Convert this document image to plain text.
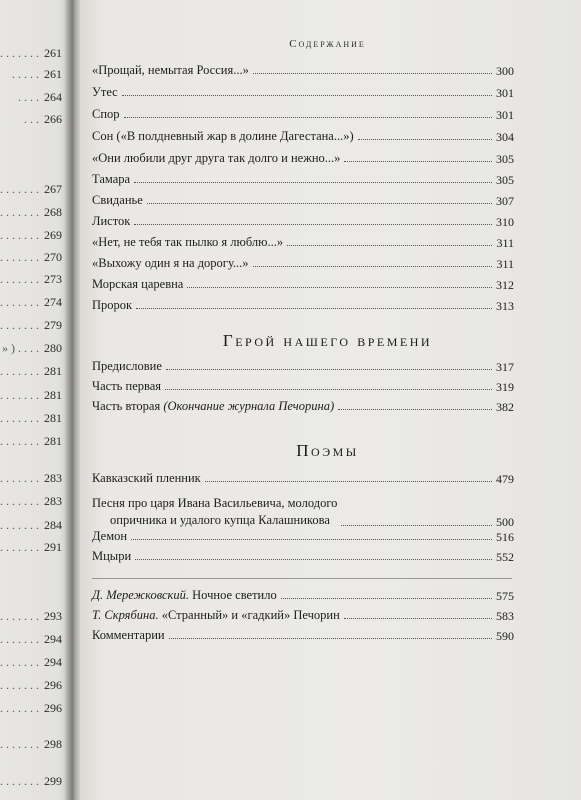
....... 261
..... 261
.... 264
... 266
....... 267
....... 268
....... 269
....... 270
....... 273
....... 274
....... 279
»).... 280
....... 281
....... 281
....... 281
....... 281
....... 283
....... 283
....... 284
....... 291
....... 293
....... 294
....... 294
....... 296
....... 296
....... 298
....... 299
Содержание
«Прощай, немытая Россия...»	300
Утес	301
Спор	301
Сон («В полдневный жар в долине Дагестана...»)	304
«Они любили друг друга так долго и нежно...»	305
Тамара	305
Свиданье	307
Листок	310
«Нет, не тебя так пылко я люблю...»	311
«Выхожу один я на дорогу...»	311
Морская царевна	312
Пророк	313
Герой нашего времени
Предисловие	317
Часть первая	319
Часть вторая (Окончание журнала Печорина)	382
Поэмы
Кавказский пленник	479
Песня про царя Ивана Васильевича, молодого
опричника и удалого купца Калашникова	500
Демон	516
Мцыри	552
Д. Мережковский. Ночное светило	575
Т. Скрябина. «Странный» и «гадкий» Печорин	583
Комментарии	590
